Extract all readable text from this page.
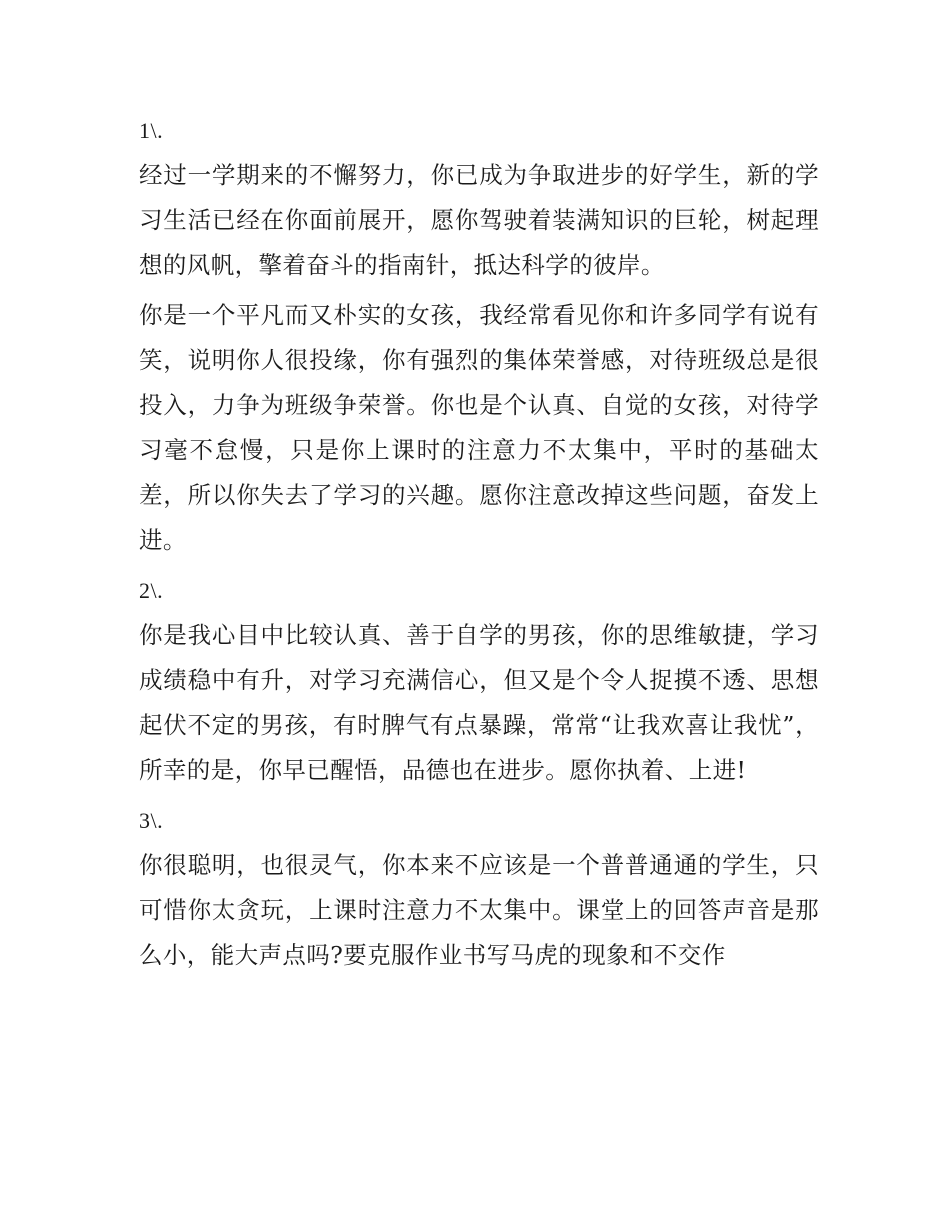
1\.

经过一学期来的不懈努力，你已成为争取进步的好学生，新的学习生活已经在你面前展开，愿你驾驶着装满知识的巨轮，树起理想的风帆，擎着奋斗的指南针，抵达科学的彼岸。

你是一个平凡而又朴实的女孩，我经常看见你和许多同学有说有笑，说明你人很投缘，你有强烈的集体荣誉感，对待班级总是很投入，力争为班级争荣誉。你也是个认真、自觉的女孩，对待学习毫不怠慢，只是你上课时的注意力不太集中，平时的基础太差，所以你失去了学习的兴趣。愿你注意改掉这些问题，奋发上进。

2\.

你是我心目中比较认真、善于自学的男孩，你的思维敏捷，学习成绩稳中有升，对学习充满信心，但又是个令人捉摸不透、思想起伏不定的男孩，有时脾气有点暴躁，常常“让我欢喜让我忧”，所幸的是，你早已醒悟，品德也在进步。愿你执着、上进!

3\.

你很聪明，也很灵气，你本来不应该是一个普普通通的学生，只可惜你太贪玩，上课时注意力不太集中。课堂上的回答声音是那么小，能大声点吗?要克服作业书写马虎的现象和不交作
